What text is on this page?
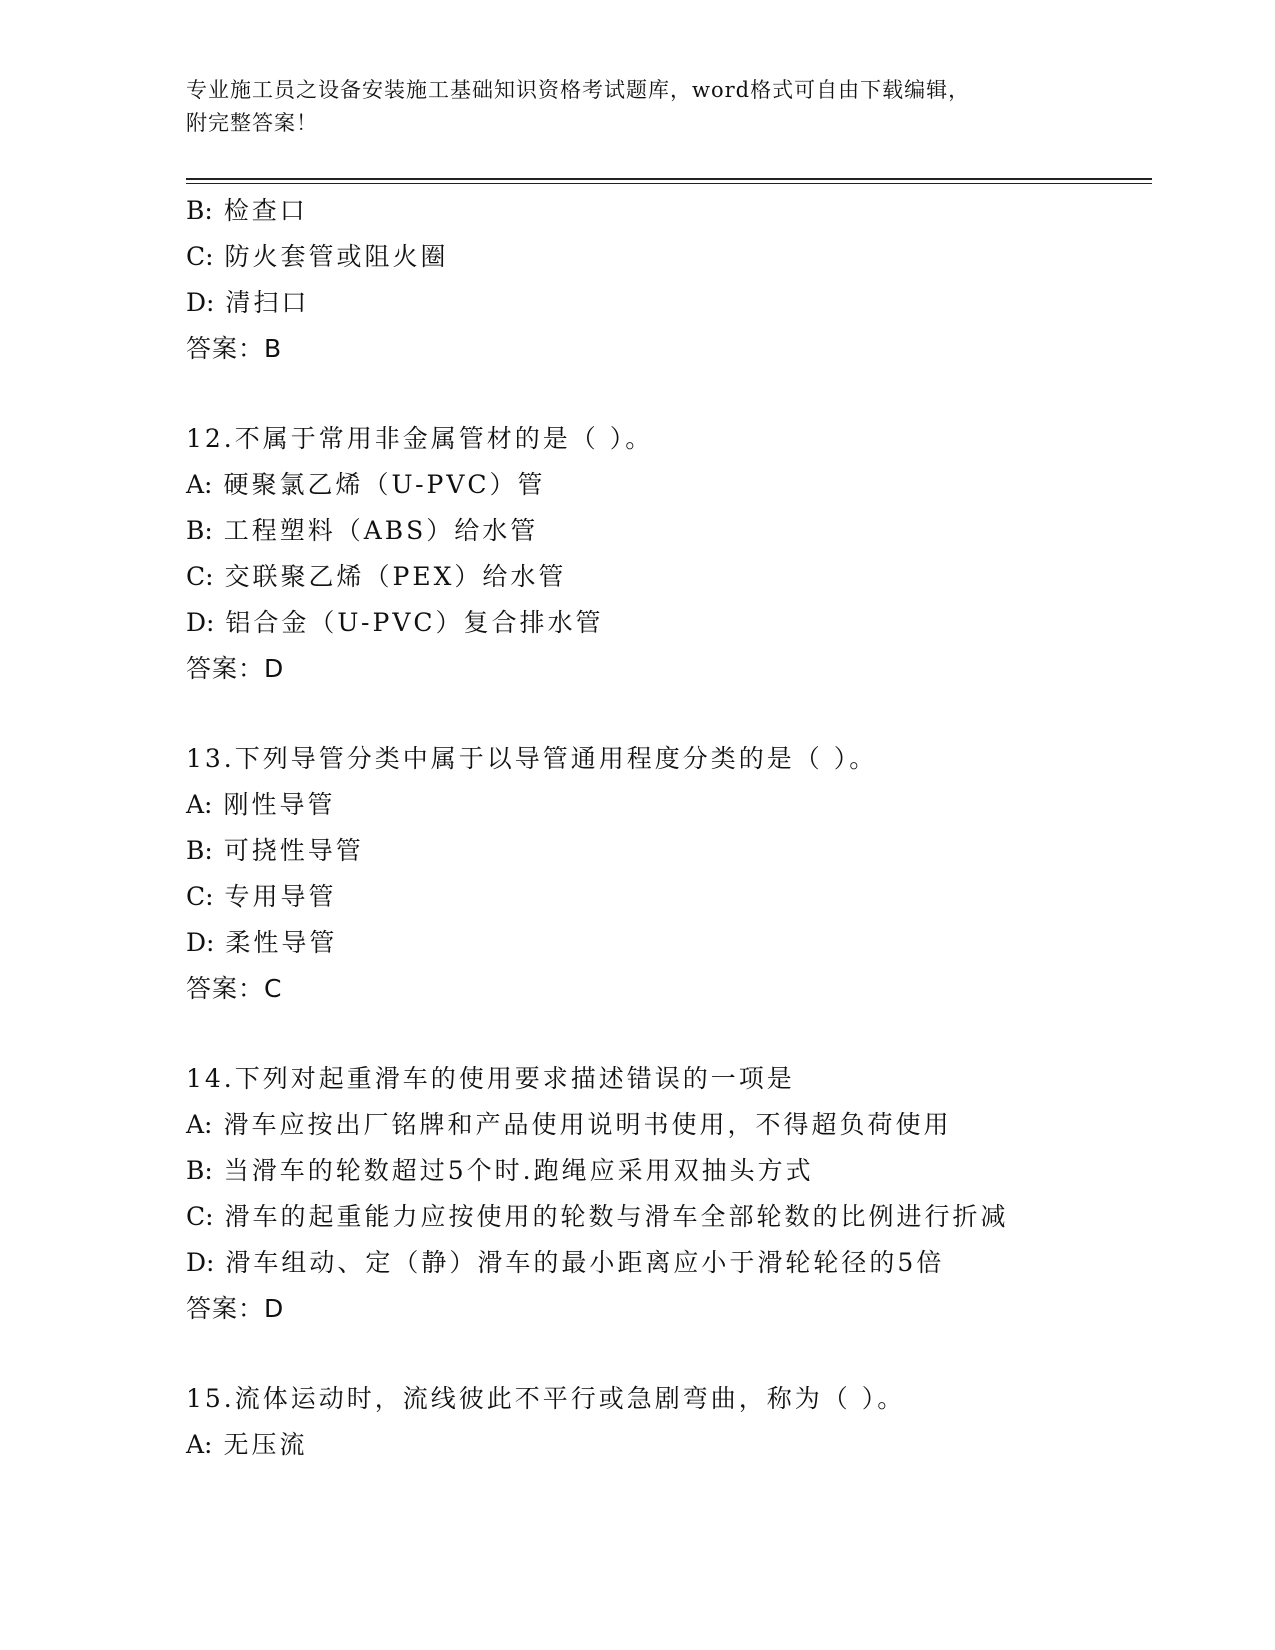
专业施工员之设备安装施工基础知识资格考试题库，word格式可自由下载编辑，
附完整答案！
B: 检查口
C: 防火套管或阻火圈
D: 清扫口
答案：B
12.不属于常用非金属管材的是（ ）。
A: 硬聚氯乙烯（U-PVC）管
B: 工程塑料（ABS）给水管
C: 交联聚乙烯（PEX）给水管
D: 铝合金（U-PVC）复合排水管
答案：D
13.下列导管分类中属于以导管通用程度分类的是（ ）。
A: 刚性导管
B: 可挠性导管
C: 专用导管
D: 柔性导管
答案：C
14.下列对起重滑车的使用要求描述错误的一项是
A: 滑车应按出厂铭牌和产品使用说明书使用，不得超负荷使用
B: 当滑车的轮数超过5个时.跑绳应采用双抽头方式
C: 滑车的起重能力应按使用的轮数与滑车全部轮数的比例进行折减
D: 滑车组动、定（静）滑车的最小距离应小于滑轮轮径的5倍
答案：D
15.流体运动时，流线彼此不平行或急剧弯曲，称为（ ）。
A: 无压流
